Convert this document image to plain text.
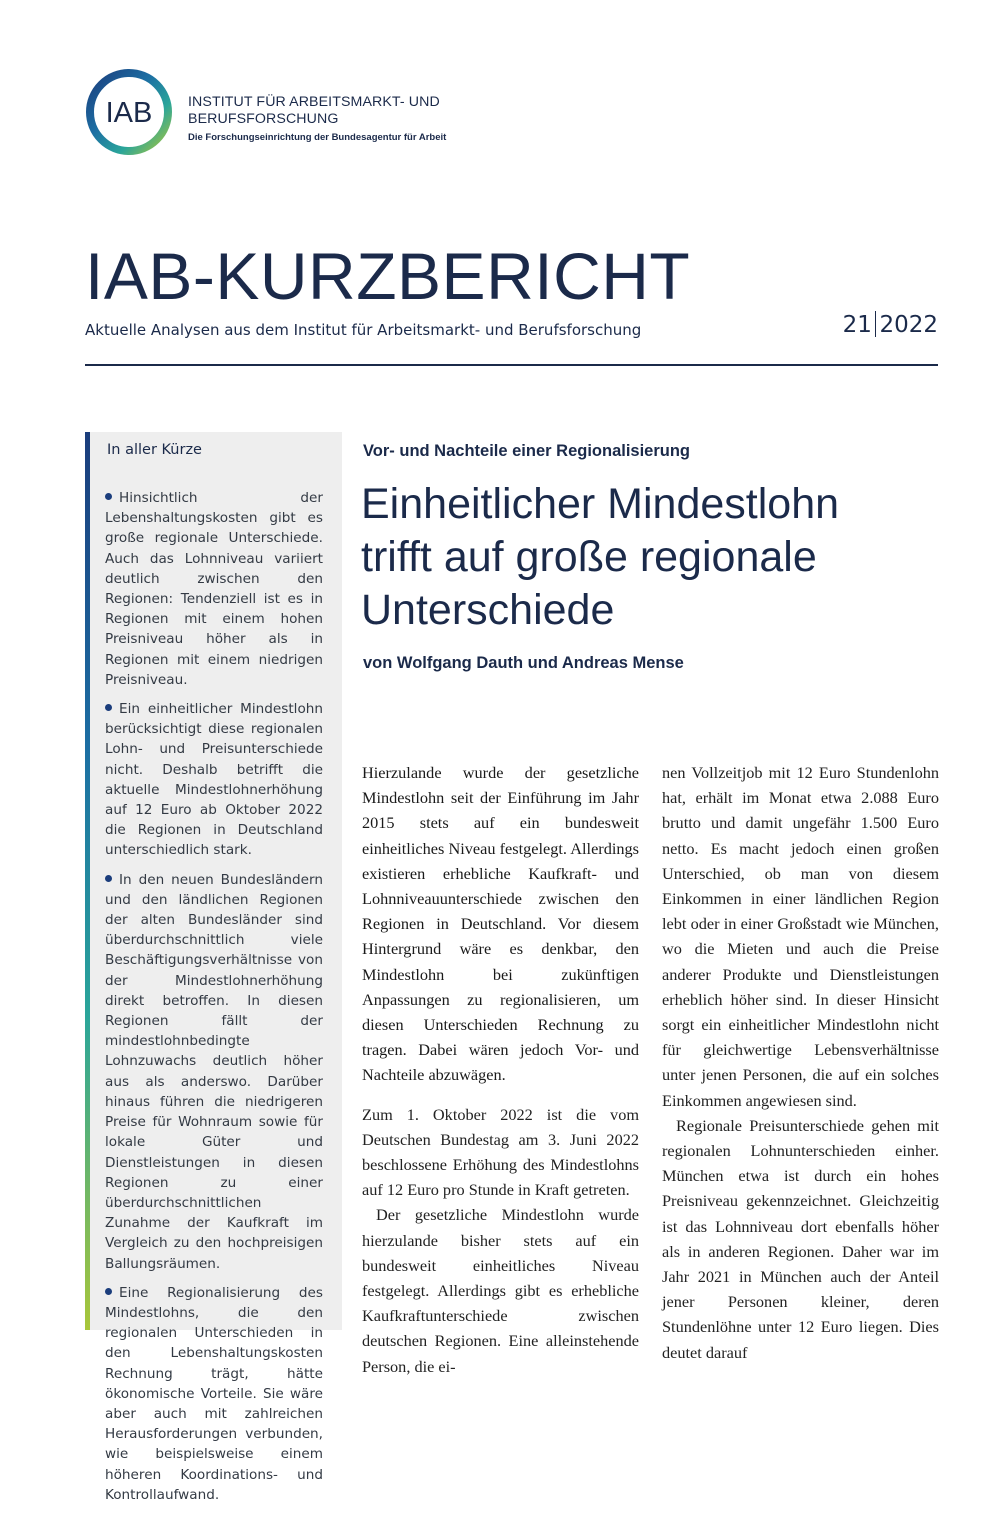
IAB	INSTITUT FÜR ARBEITSMARKT- UND
BERUFSFORSCHUNG
Die Forschungseinrichtung der Bundesagentur für Arbeit
IAB-KURZBERICHT
Aktuelle Analysen aus dem Institut für Arbeitsmarkt- und Berufsforschung	21 2022
In aller Kürze
Hinsichtlich der Lebenshaltungskosten gibt es große regionale Unterschiede. Auch das Lohnniveau variiert deutlich zwischen den Regionen: Tendenziell ist es in Regionen mit einem hohen Preisniveau höher als in Regionen mit einem niedrigen Preisniveau.
Ein einheitlicher Mindestlohn berücksichtigt diese regionalen Lohn- und Preisunterschiede nicht. Deshalb betrifft die aktuelle Mindestlohnerhöhung auf 12 Euro ab Oktober 2022 die Regionen in Deutschland unterschiedlich stark.
In den neuen Bundesländern und den ländlichen Regionen der alten Bundesländer sind überdurchschnittlich viele Beschäftigungsverhältnisse von der Mindestlohnerhöhung direkt betroffen. In diesen Regionen fällt der mindestlohnbedingte Lohnzuwachs deutlich höher aus als anderswo. Darüber hinaus führen die niedrigeren Preise für Wohnraum sowie für lokale Güter und Dienstleistungen in diesen Regionen zu einer überdurchschnittlichen Zunahme der Kaufkraft im Vergleich zu den hochpreisigen Ballungsräumen.
Eine Regionalisierung des Mindestlohns, die den regionalen Unterschieden in den Lebenshaltungskosten Rechnung trägt, hätte ökonomische Vorteile. Sie wäre aber auch mit zahlreichen Herausforderungen verbunden, wie beispielsweise einem höheren Koordinations- und Kontrollaufwand.
Vor- und Nachteile einer Regionalisierung
Einheitlicher Mindestlohn trifft auf große regionale Unterschiede
von Wolfgang Dauth und Andreas Mense

Hierzulande wurde der gesetzliche Mindestlohn seit der Einführung im Jahr 2015 stets auf ein bundesweit einheitliches Niveau festgelegt. Allerdings existieren erhebliche Kaufkraft- und Lohnniveauunterschiede zwischen den Regionen in Deutschland. Vor diesem Hintergrund wäre es denkbar, den Mindestlohn bei zukünftigen Anpassungen zu regionalisieren, um diesen Unterschieden Rechnung zu tragen. Dabei wären jedoch Vor- und Nachteile abzuwägen.

Zum 1. Oktober 2022 ist die vom Deutschen Bundestag am 3. Juni 2022 beschlossene Erhöhung des Mindestlohns auf 12 Euro pro Stunde in Kraft getreten.

Der gesetzliche Mindestlohn wurde hierzulande bisher stets auf ein bundesweit einheitliches Niveau festgelegt. Allerdings gibt es erhebliche Kaufkraftunterschiede zwischen deutschen Regionen. Eine alleinstehende Person, die ei-

nen Vollzeitjob mit 12 Euro Stundenlohn hat, erhält im Monat etwa 2.088 Euro brutto und damit ungefähr 1.500 Euro netto. Es macht jedoch einen großen Unterschied, ob man von diesem Einkommen in einer ländlichen Region lebt oder in einer Großstadt wie München, wo die Mieten und auch die Preise anderer Produkte und Dienstleistungen erheblich höher sind. In dieser Hinsicht sorgt ein einheitlicher Mindestlohn nicht für gleichwertige Lebensverhältnisse unter jenen Personen, die auf ein solches Einkommen angewiesen sind.

Regionale Preisunterschiede gehen mit regionalen Lohnunterschieden einher. München etwa ist durch ein hohes Preisniveau gekennzeichnet. Gleichzeitig ist das Lohnniveau dort ebenfalls höher als in anderen Regionen. Daher war im Jahr 2021 in München auch der Anteil jener Personen kleiner, deren Stundenlöhne unter 12 Euro liegen. Dies deutet darauf
